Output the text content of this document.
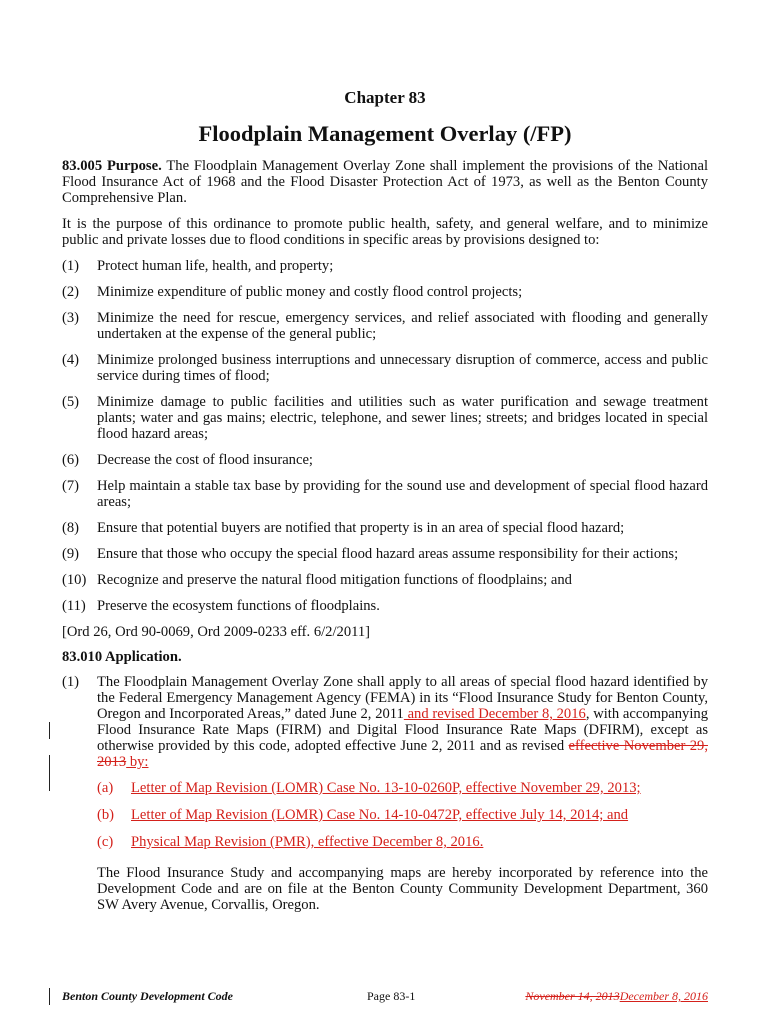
Chapter 83
Floodplain Management Overlay (/FP)

83.005 Purpose. The Floodplain Management Overlay Zone shall implement the provisions of the National Flood Insurance Act of 1968 and the Flood Disaster Protection Act of 1973, as well as the Benton County Comprehensive Plan.

It is the purpose of this ordinance to promote public health, safety, and general welfare, and to minimize public and private losses due to flood conditions in specific areas by provisions designed to:

(1)	Protect human life, health, and property;
(2)	Minimize expenditure of public money and costly flood control projects;
(3)	Minimize the need for rescue, emergency services, and relief associated with flooding and generally undertaken at the expense of the general public;
(4)	Minimize prolonged business interruptions and unnecessary disruption of commerce, access and public service during times of flood;
(5)	Minimize damage to public facilities and utilities such as water purification and sewage treatment plants; water and gas mains; electric, telephone, and sewer lines; streets; and bridges located in special flood hazard areas;
(6)	Decrease the cost of flood insurance;
(7)	Help maintain a stable tax base by providing for the sound use and development of special flood hazard areas;
(8)	Ensure that potential buyers are notified that property is in an area of special flood hazard;
(9)	Ensure that those who occupy the special flood hazard areas assume responsibility for their actions;
(10) Recognize and preserve the natural flood mitigation functions of floodplains; and
(11) Preserve the ecosystem functions of floodplains.

[Ord 26, Ord 90-0069, Ord 2009-0233 eff. 6/2/2011]

83.010 Application.

(1)	The Floodplain Management Overlay Zone shall apply to all areas of special flood hazard identified by the Federal Emergency Management Agency (FEMA) in its “Flood Insurance Study for Benton County, Oregon and Incorporated Areas,” dated June 2, 2011 and revised December 8, 2016, with accompanying Flood Insurance Rate Maps (FIRM) and Digital Flood Insurance Rate Maps (DFIRM), except as otherwise provided by this code, adopted effective June 2, 2011 and as revised effective November 29, 2013 by:
(a)	Letter of Map Revision (LOMR) Case No. 13-10-0260P, effective November 29, 2013;
(b)	Letter of Map Revision (LOMR) Case No. 14-10-0472P, effective July 14, 2014; and
(c)	Physical Map Revision (PMR), effective December 8, 2016.

The Flood Insurance Study and accompanying maps are hereby incorporated by reference into the Development Code and are on file at the Benton County Community Development Department, 360 SW Avery Avenue, Corvallis, Oregon.

Benton County Development Code	Page 83-1	November 14, 2013December 8, 2016
